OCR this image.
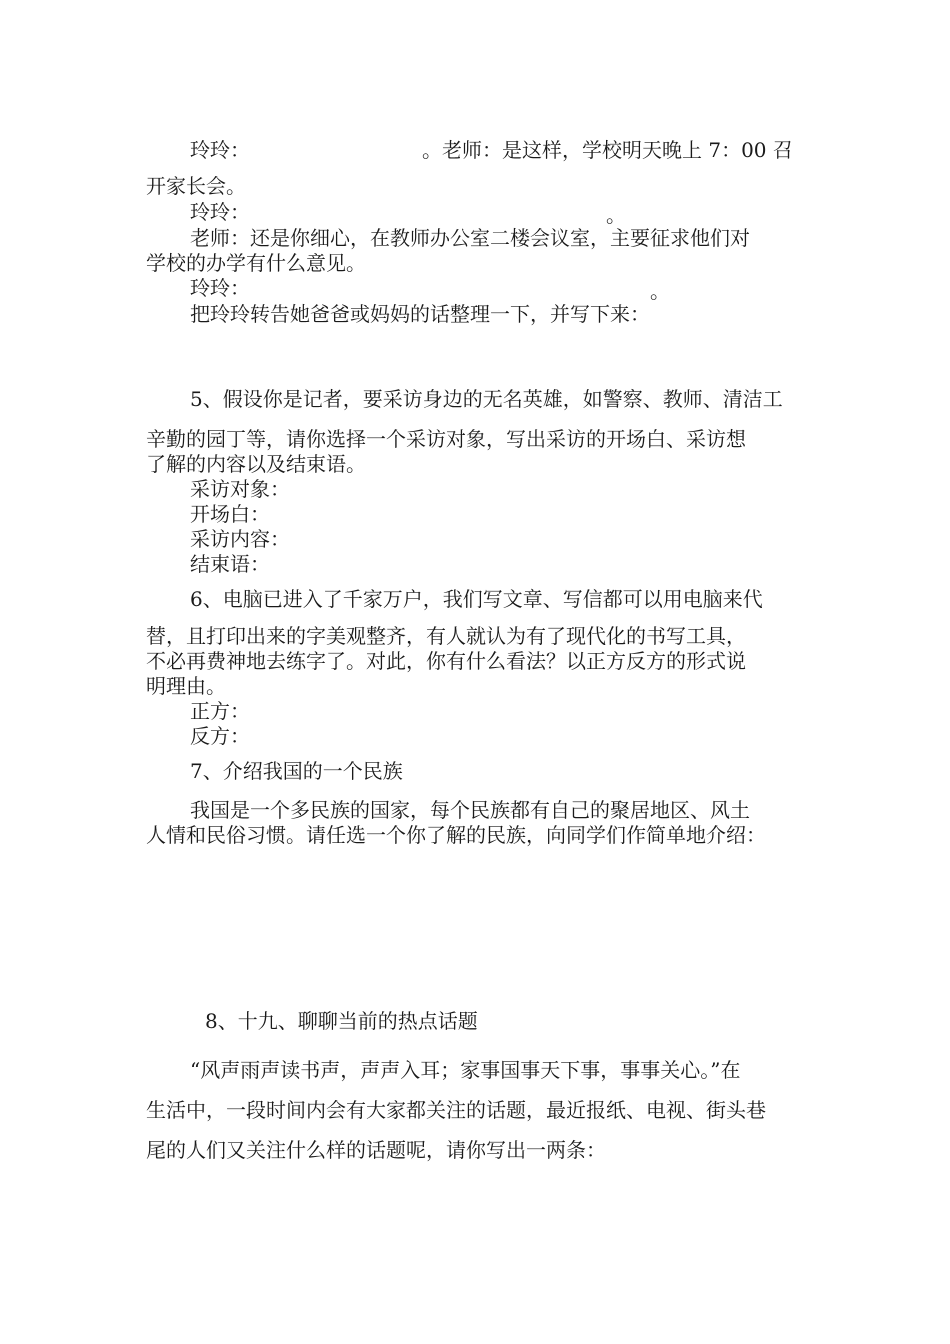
玲玲：	。老师：是这样，学校明天晚上 7：00 召
开家长会。
玲玲：	。
老师：还是你细心，在教师办公室二楼会议室，主要征求他们对
学校的办学有什么意见。
玲玲：	。
把玲玲转告她爸爸或妈妈的话整理一下，并写下来：
5、假设你是记者，要采访身边的无名英雄，如警察、教师、清洁工
辛勤的园丁等，请你选择一个采访对象，写出采访的开场白、采访想
了解的内容以及结束语。
采访对象：
开场白：
采访内容：
结束语：
6、电脑已进入了千家万户，我们写文章、写信都可以用电脑来代
替，且打印出来的字美观整齐，有人就认为有了现代化的书写工具，
不必再费神地去练字了。对此，你有什么看法？以正方反方的形式说
明理由。
正方：
反方：
7、介绍我国的一个民族
我国是一个多民族的国家，每个民族都有自己的聚居地区、风土
人情和民俗习惯。请任选一个你了解的民族，向同学们作简单地介绍：
8、十九、聊聊当前的热点话题
“风声雨声读书声，声声入耳；家事国事天下事，事事关心。”在
生活中，一段时间内会有大家都关注的话题，最近报纸、电视、街头巷
尾的人们又关注什么样的话题呢，请你写出一两条：
